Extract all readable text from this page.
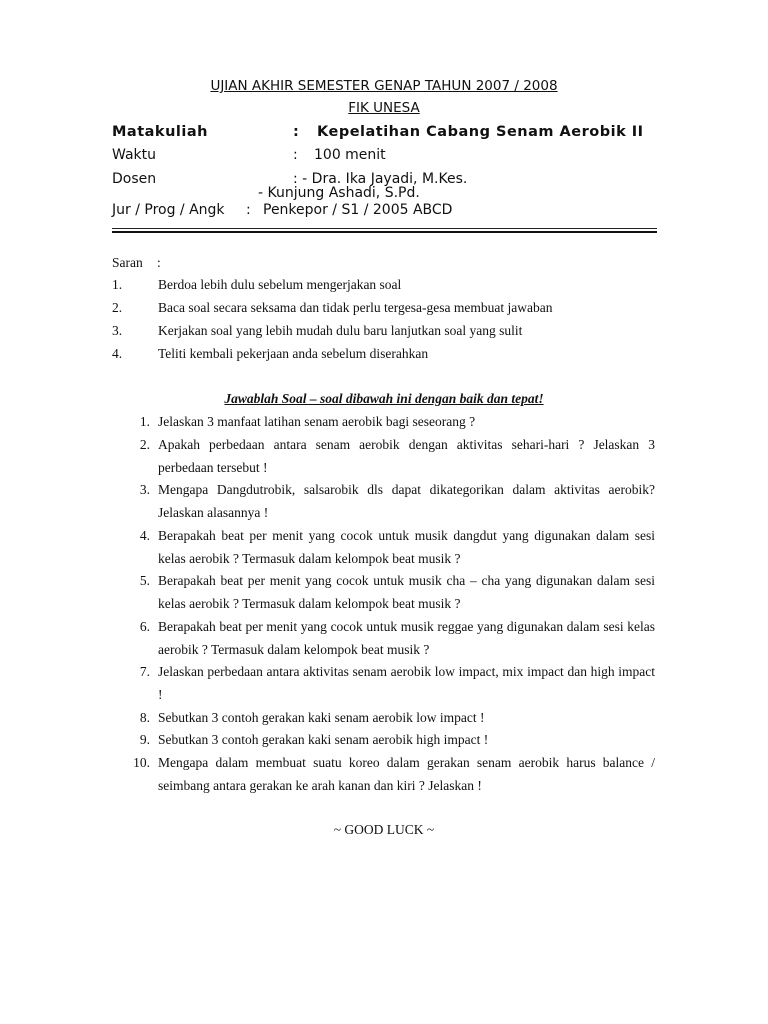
UJIAN AKHIR SEMESTER GENAP TAHUN 2007 / 2008
FIK UNESA
Matakuliah	: Kepelatihan Cabang Senam Aerobik II
Waktu	: 100 menit
Dosen	: - Dra. Ika Jayadi, M.Kes.
- Kunjung Ashadi, S.Pd.
Jur / Prog / Angk : Penkepor / S1 / 2005 ABCD
Saran :
1.	Berdoa lebih dulu sebelum mengerjakan soal
2.	Baca soal secara seksama dan tidak perlu tergesa-gesa membuat jawaban
3.	Kerjakan soal yang lebih mudah dulu baru lanjutkan soal yang sulit
4.	Teliti kembali pekerjaan anda sebelum diserahkan
Jawablah Soal – soal dibawah ini dengan baik dan tepat!
1. Jelaskan 3 manfaat latihan senam aerobik bagi seseorang ?
2. Apakah perbedaan antara senam aerobik dengan aktivitas sehari-hari ? Jelaskan 3 perbedaan tersebut !
3. Mengapa Dangdutrobik, salsarobik dls dapat dikategorikan dalam aktivitas aerobik? Jelaskan alasannya !
4. Berapakah beat per menit yang cocok untuk musik dangdut yang digunakan dalam sesi kelas aerobik ? Termasuk dalam kelompok beat musik ?
5. Berapakah beat per menit yang cocok untuk musik cha – cha yang digunakan dalam sesi kelas aerobik ? Termasuk dalam kelompok beat musik ?
6. Berapakah beat per menit yang cocok untuk musik reggae yang digunakan dalam sesi kelas aerobik ? Termasuk dalam kelompok beat musik ?
7. Jelaskan perbedaan antara aktivitas senam aerobik low impact, mix impact dan high impact !
8. Sebutkan 3 contoh gerakan kaki senam aerobik low impact !
9. Sebutkan 3 contoh gerakan kaki senam aerobik high impact !
10. Mengapa dalam membuat suatu koreo dalam gerakan senam aerobik harus balance / seimbang antara gerakan ke arah kanan dan kiri ? Jelaskan !
~ GOOD LUCK ~
